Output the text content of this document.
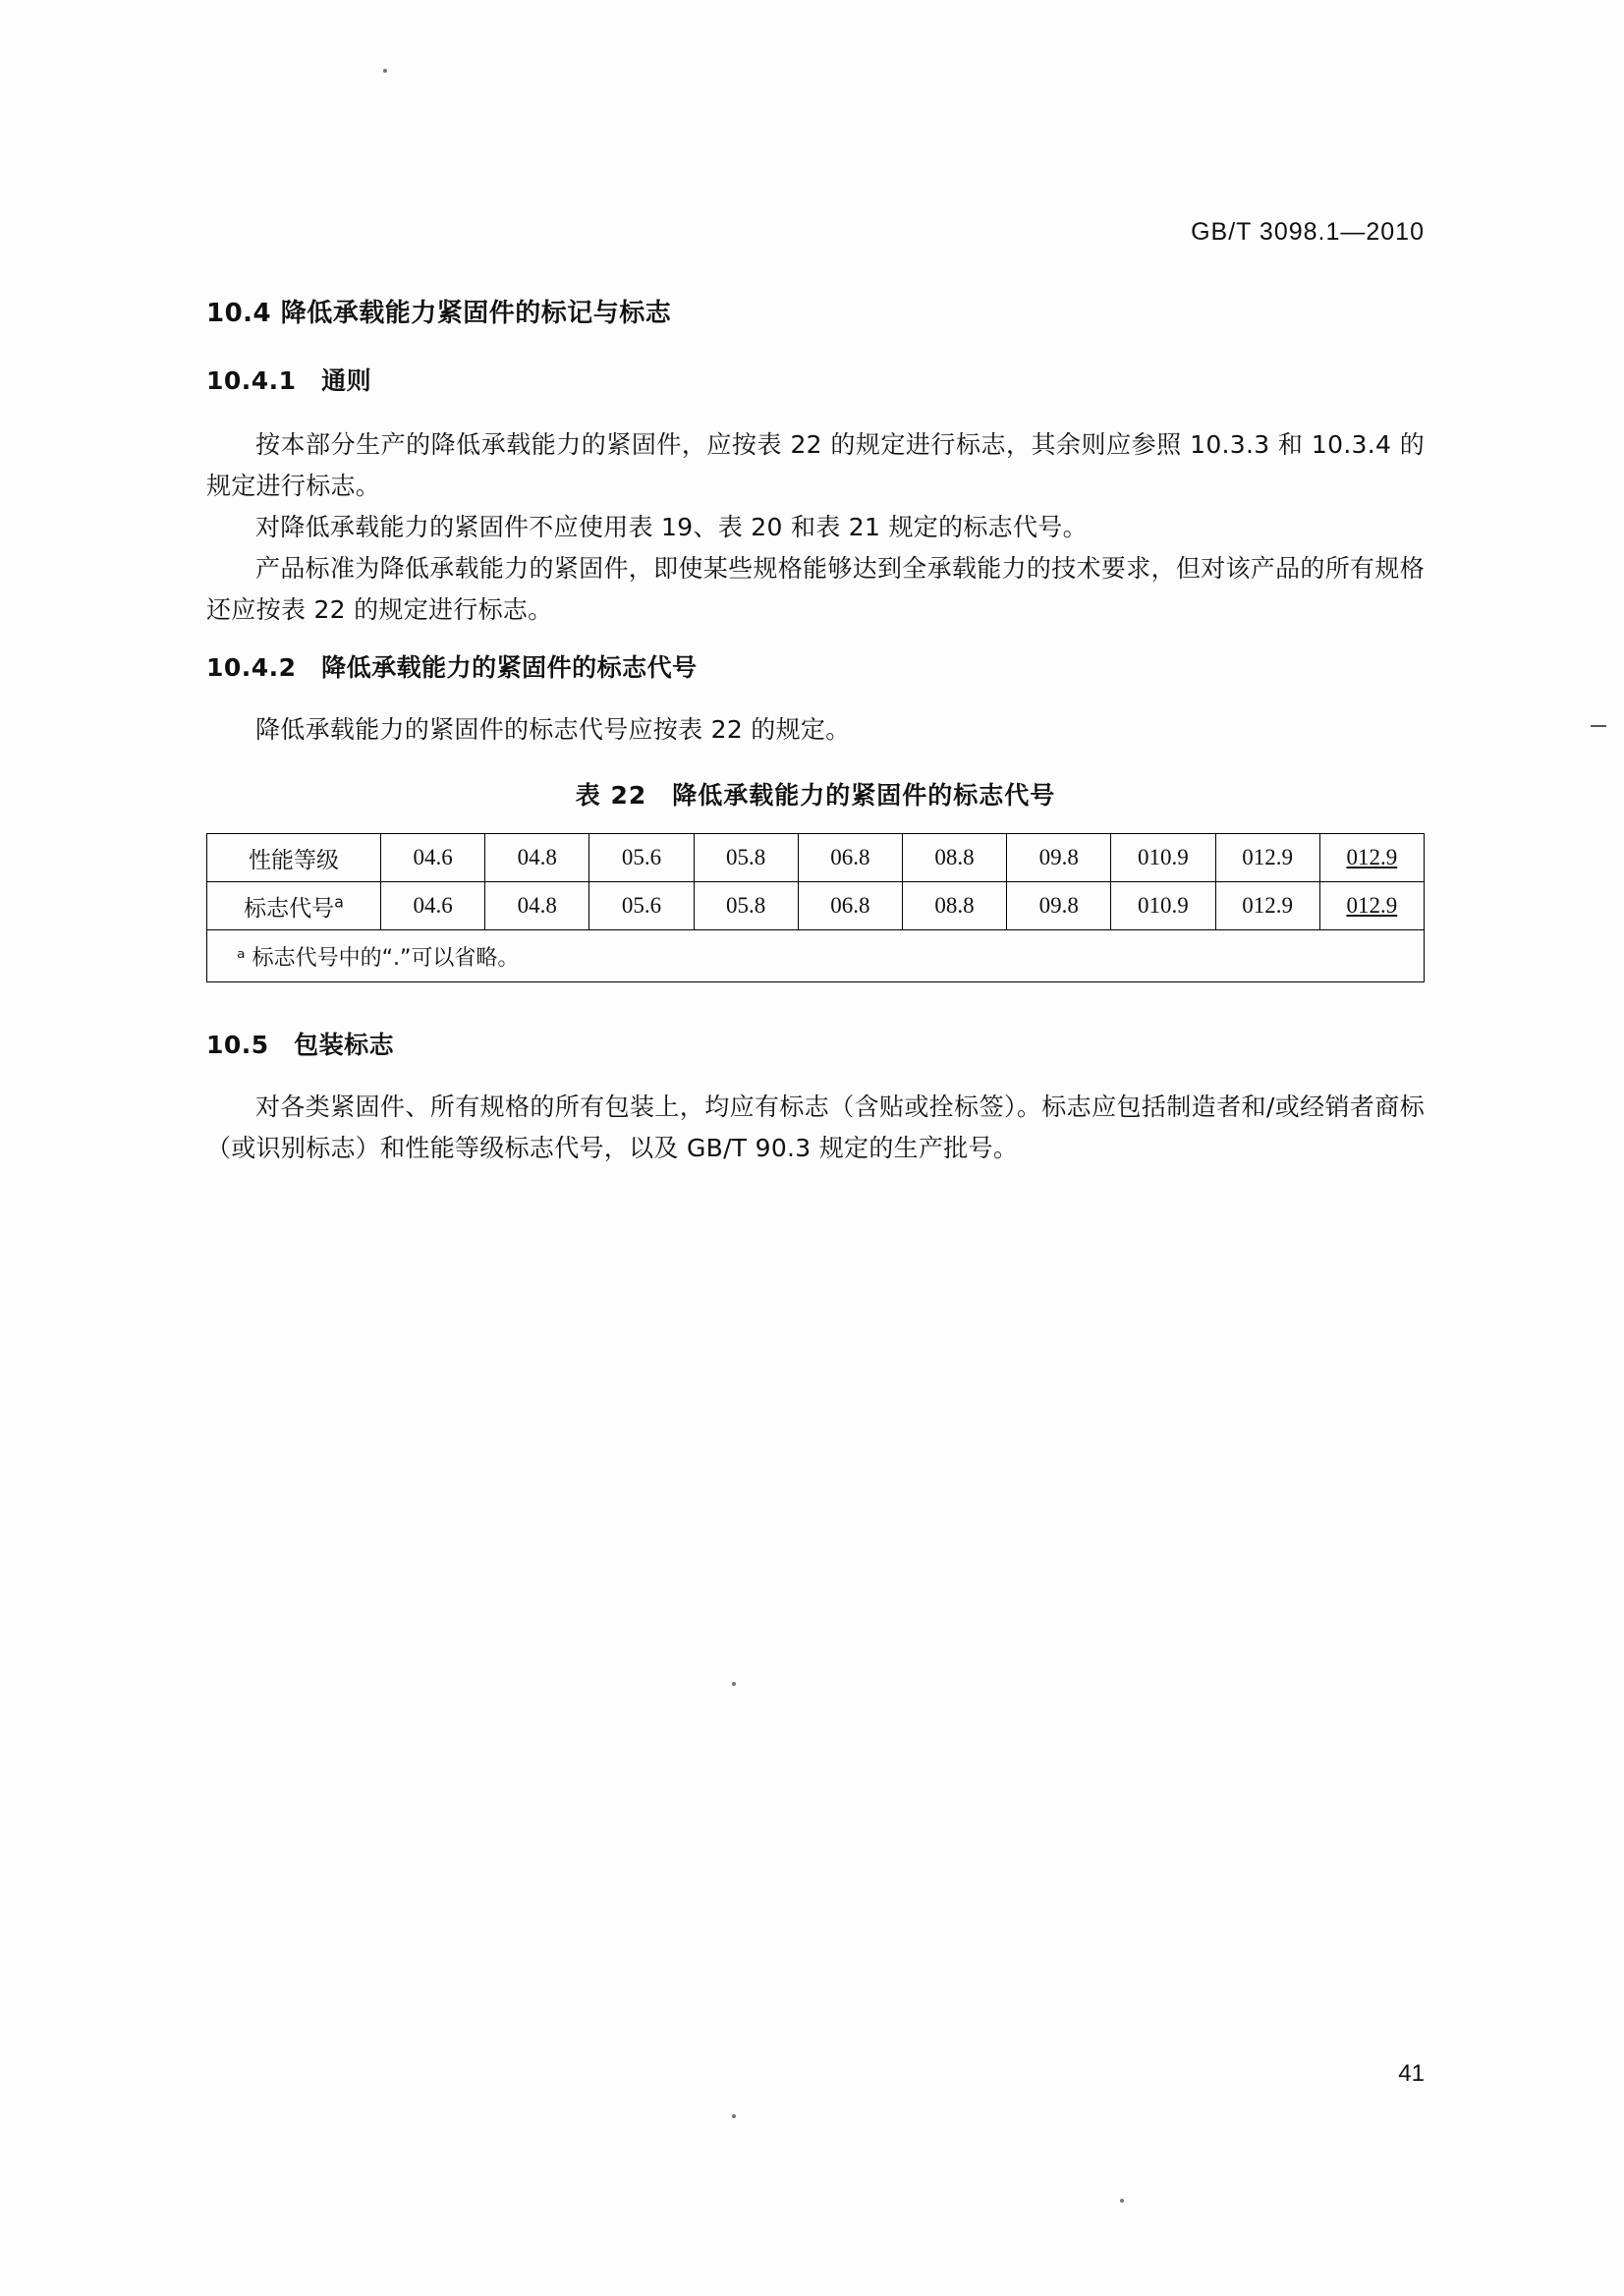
GB/T 3098.1—2010
10.4 降低承载能力紧固件的标记与标志
10.4.1　通则

按本部分生产的降低承载能力的紧固件，应按表 22 的规定进行标志，其余则应参照 10.3.3 和 10.3.4 的规定进行标志。

对降低承载能力的紧固件不应使用表 19、表 20 和表 21 规定的标志代号。

产品标准为降低承载能力的紧固件，即使某些规格能够达到全承载能力的技术要求，但对该产品的所有规格还应按表 22 的规定进行标志。

10.4.2　降低承载能力的紧固件的标志代号

降低承载能力的紧固件的标志代号应按表 22 的规定。

表 22　降低承载能力的紧固件的标志代号

性能等级	04.6	04.8	05.6	05.8	06.8	08.8	09.8	010.9	012.9	012.9
标志代号$^a$	04.6	04.8	05.6	05.8	06.8	08.8	09.8	010.9	012.9	012.9
ᵃ 标志代号中的“.”可以省略。										
10.5　包装标志

对各类紧固件、所有规格的所有包装上，均应有标志（含贴或拴标签）。标志应包括制造者和/或经销者商标（或识别标志）和性能等级标志代号，以及 GB/T 90.3 规定的生产批号。

41
